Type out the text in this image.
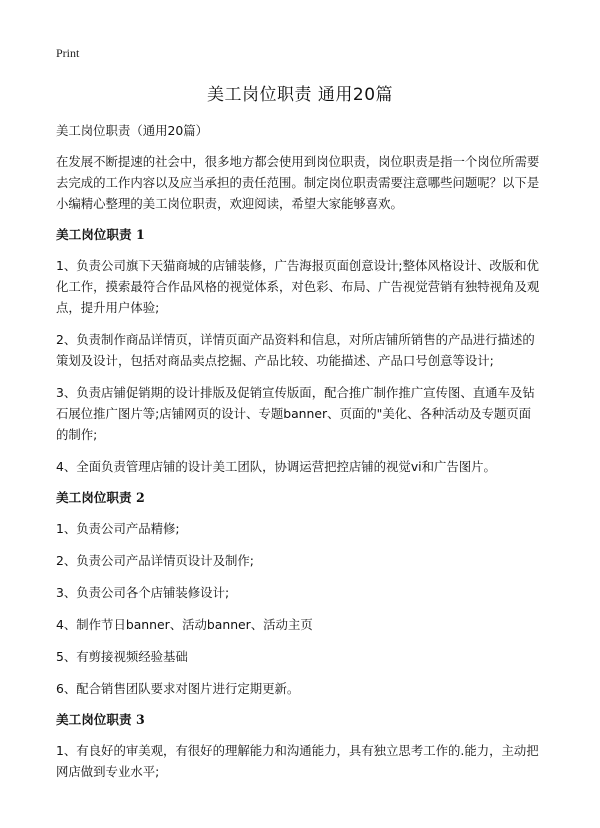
Print
美工岗位职责 通用20篇

美工岗位职责（通用20篇）

在发展不断提速的社会中，很多地方都会使用到岗位职责，岗位职责是指一个岗位所需要去完成的工作内容以及应当承担的责任范围。制定岗位职责需要注意哪些问题呢？以下是小编精心整理的美工岗位职责，欢迎阅读，希望大家能够喜欢。

美工岗位职责 1

1、负责公司旗下天猫商城的店铺装修，广告海报页面创意设计;整体风格设计、改版和优化工作，摸索最符合作品风格的视觉体系，对色彩、布局、广告视觉营销有独特视角及观点，提升用户体验;

2、负责制作商品详情页，详情页面产品资料和信息，对所店铺所销售的产品进行描述的策划及设计，包括对商品卖点挖掘、产品比较、功能描述、产品口号创意等设计;

3、负责店铺促销期的设计排版及促销宣传版面，配合推广制作推广宣传图、直通车及钻石展位推广图片等;店铺网页的设计、专题banner、页面的"美化、各种活动及专题页面的制作;

4、全面负责管理店铺的设计美工团队，协调运营把控店铺的视觉vi和广告图片。

美工岗位职责 2

1、负责公司产品精修;

2、负责公司产品详情页设计及制作;

3、负责公司各个店铺装修设计;

4、制作节日banner、活动banner、活动主页

5、有剪接视频经验基础

6、配合销售团队要求对图片进行定期更新。

美工岗位职责 3

1、有良好的审美观，有很好的理解能力和沟通能力，具有独立思考工作的.能力，主动把网店做到专业水平;
